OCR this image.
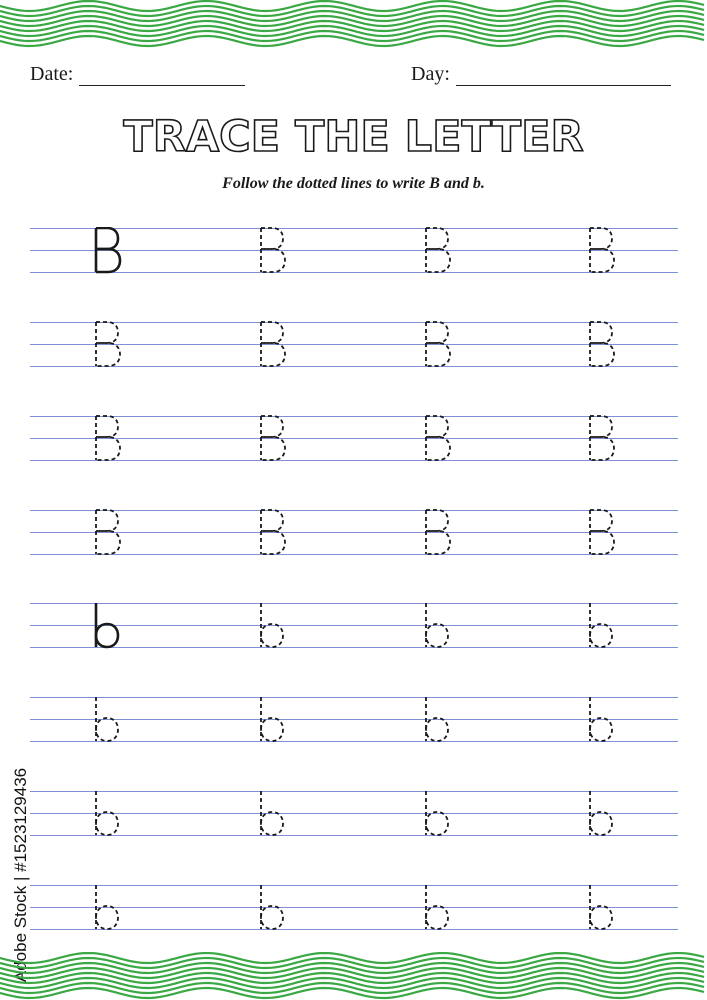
Date:	Day:
TRACE THE LETTER
Follow the dotted lines to write B and b.
Adobe Stock | #1523129436
